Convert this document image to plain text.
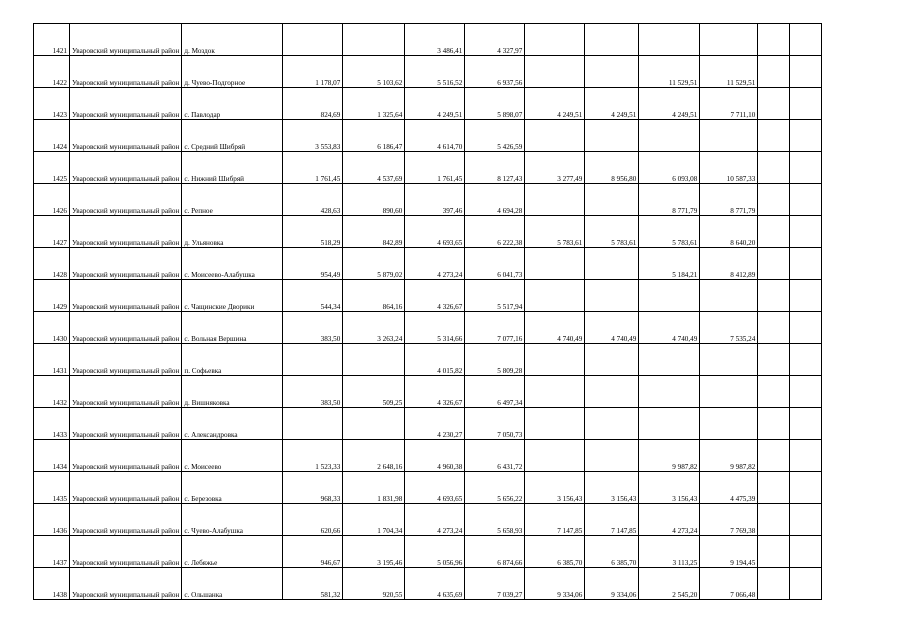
1421	Уваровский муниципальный район	д. Моздок			3 486,41	4 327,97						
1422	Уваровский муниципальный район	д. Чуево-Подгорное	1 178,07	5 103,62	5 516,52	6 937,56			11 529,51	11 529,51		
1423	Уваровский муниципальный район	с. Павлодар	824,69	1 325,64	4 249,51	5 898,07	4 249,51	4 249,51	4 249,51	7 711,10		
1424	Уваровский муниципальный район	с. Средний Шибряй	3 553,83	6 186,47	4 614,70	5 426,59						
1425	Уваровский муниципальный район	с. Нижний Шибряй	1 761,45	4 537,69	1 761,45	8 127,43	3 277,49	8 956,80	6 093,08	10 587,33		
1426	Уваровский муниципальный район	с. Репное	428,63	890,60	397,46	4 694,28			8 771,79	8 771,79		
1427	Уваровский муниципальный район	д. Ульяновка	518,29	842,89	4 693,65	6 222,38	5 783,61	5 783,61	5 783,61	8 640,20		
1428	Уваровский муниципальный район	с. Моисеево-Алабушка	954,49	5 879,02	4 273,24	6 041,73			5 184,21	8 412,89		
1429	Уваровский муниципальный район	с. Чащинские Дворики	544,34	864,16	4 326,67	5 517,94						
1430	Уваровский муниципальный район	с. Вольная Вершина	383,50	3 263,24	5 314,66	7 077,16	4 740,49	4 740,49	4 740,49	7 535,24		
1431	Уваровский муниципальный район	п. Софьевка			4 015,82	5 809,28						
1432	Уваровский муниципальный район	д. Вишняковка	383,50	509,25	4 326,67	6 497,34						
1433	Уваровский муниципальный район	с. Александровка			4 230,27	7 050,73						
1434	Уваровский муниципальный район	с. Моисеево	1 523,33	2 648,16	4 960,38	6 431,72			9 987,82	9 987,82		
1435	Уваровский муниципальный район	с. Березовка	968,33	1 831,98	4 693,65	5 656,22	3 156,43	3 156,43	3 156,43	4 475,39		
1436	Уваровский муниципальный район	с. Чуево-Алабушка	620,66	1 704,34	4 273,24	5 658,93	7 147,85	7 147,85	4 273,24	7 769,38		
1437	Уваровский муниципальный район	с. Лебяжье	946,67	3 195,46	5 056,96	6 874,66	6 385,70	6 385,70	3 113,25	9 194,45		
1438	Уваровский муниципальный район	с. Ольшанка	581,32	920,55	4 635,69	7 039,27	9 334,06	9 334,06	2 545,20	7 066,48		
